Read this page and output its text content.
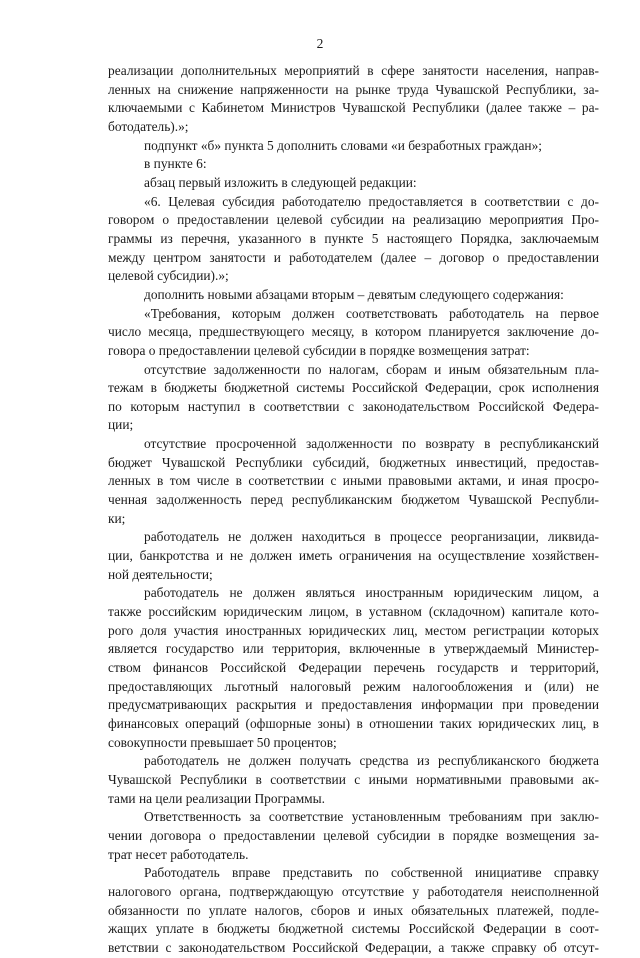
2
реализации дополнительных мероприятий в сфере занятости населения, направ-
ленных на снижение напряженности на рынке труда Чувашской Республики, за-
ключаемыми с Кабинетом Министров Чувашской Республики (далее также – ра-
ботодатель).»;
подпункт «б» пункта 5 дополнить словами «и безработных граждан»;
в пункте 6:
абзац первый изложить в следующей редакции:
«6. Целевая субсидия работодателю предоставляется в соответствии с до-
говором о предоставлении целевой субсидии на реализацию мероприятия Про-
граммы из перечня, указанного в пункте 5 настоящего Порядка, заключаемым
между центром занятости и работодателем (далее – договор о предоставлении
целевой субсидии).»;
дополнить новыми абзацами вторым – девятым следующего содержания:
«Требования, которым должен соответствовать работодатель на первое
число месяца, предшествующего месяцу, в котором планируется заключение до-
говора о предоставлении целевой субсидии в порядке возмещения затрат:
отсутствие задолженности по налогам, сборам и иным обязательным пла-
тежам в бюджеты бюджетной системы Российской Федерации, срок исполнения
по которым наступил в соответствии с законодательством Российской Федера-
ции;
отсутствие просроченной задолженности по возврату в республиканский
бюджет Чувашской Республики субсидий, бюджетных инвестиций, предостав-
ленных в том числе в соответствии с иными правовыми актами, и иная просро-
ченная задолженность перед республиканским бюджетом Чувашской Республи-
ки;
работодатель не должен находиться в процессе реорганизации, ликвида-
ции, банкротства и не должен иметь ограничения на осуществление хозяйствен-
ной деятельности;
работодатель не должен являться иностранным юридическим лицом, а
также российским юридическим лицом, в уставном (складочном) капитале кото-
рого доля участия иностранных юридических лиц, местом регистрации которых
является государство или территория, включенные в утверждаемый Министер-
ством финансов Российской Федерации перечень государств и территорий,
предоставляющих льготный налоговый режим налогообложения и (или) не
предусматривающих раскрытия и предоставления информации при проведении
финансовых операций (офшорные зоны) в отношении таких юридических лиц, в
совокупности превышает 50 процентов;
работодатель не должен получать средства из республиканского бюджета
Чувашской Республики в соответствии с иными нормативными правовыми ак-
тами на цели реализации Программы.
Ответственность за соответствие установленным требованиям при заклю-
чении договора о предоставлении целевой субсидии в порядке возмещения за-
трат несет работодатель.
Работодатель вправе представить по собственной инициативе справку
налогового органа, подтверждающую отсутствие у работодателя неисполненной
обязанности по уплате налогов, сборов и иных обязательных платежей, подле-
жащих уплате в бюджеты бюджетной системы Российской Федерации в соот-
ветствии с законодательством Российской Федерации, а также справку об отсут-
